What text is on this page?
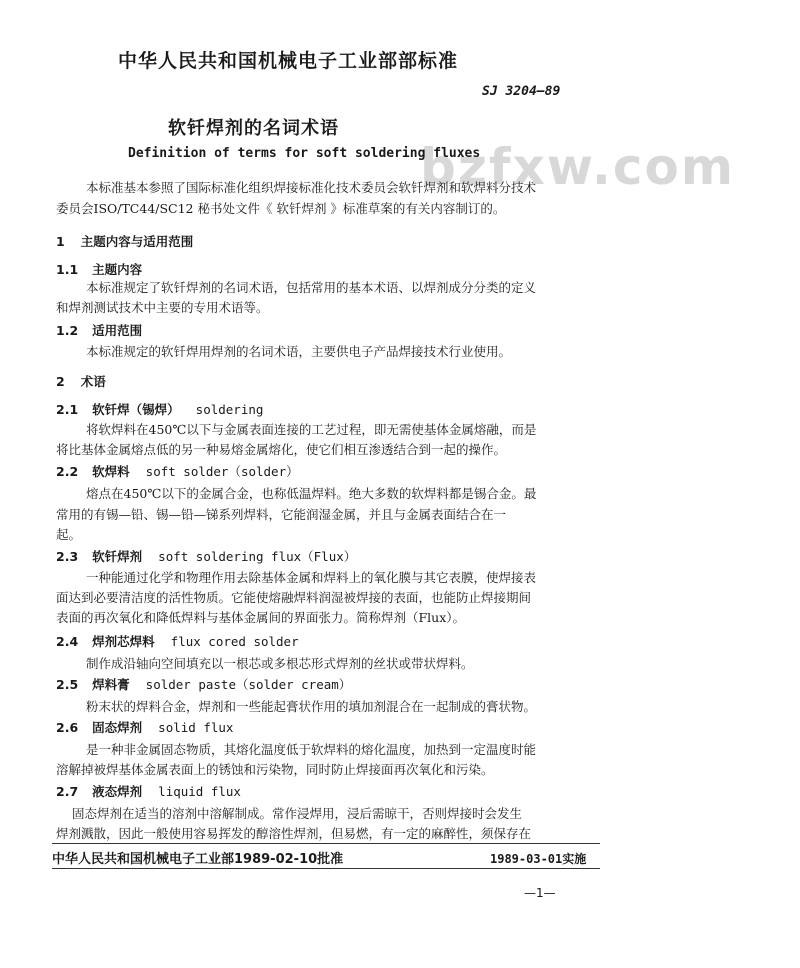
中华人民共和国机械电子工业部部标准
SJ 3204—89
软钎焊剂的名词术语
bzfxw.com
Definition of terms for soft soldering fluxes
本标准基本参照了国际标准化组织焊接标准化技术委员会软钎焊剂和软焊料分技术
委员会ISO/TC44/SC12 秘书处文件《 软钎焊剂 》标准草案的有关内容制订的。
1 主题内容与适用范围
1.1 主题内容
本标准规定了软钎焊剂的名词术语，包括常用的基本术语、以焊剂成分分类的定义
和焊剂测试技术中主要的专用术语等。
1.2 适用范围
本标准规定的软钎焊用焊剂的名词术语，主要供电子产品焊接技术行业使用。
2 术语
2.1 软钎焊（锡焊） soldering
将软焊料在450℃以下与金属表面连接的工艺过程，即无需使基体金属熔融，而是
将比基体金属熔点低的另一种易熔金属熔化，使它们相互渗透结合到一起的操作。
2.2 软焊料 soft solder（solder）
熔点在450℃以下的金属合金，也称低温焊料。绝大多数的软焊料都是锡合金。最
常用的有锡—铅、锡—铅—锑系列焊料，它能润湿金属，并且与金属表面结合在一
起。
2.3 软钎焊剂 soft soldering flux（Flux）
一种能通过化学和物理作用去除基体金属和焊料上的氧化膜与其它表膜，使焊接表
面达到必要清洁度的活性物质。它能使熔融焊料润湿被焊接的表面，也能防止焊接期间
表面的再次氧化和降低焊料与基体金属间的界面张力。简称焊剂（Flux）。
2.4 焊剂芯焊料 flux cored solder
制作成沿轴向空间填充以一根芯或多根芯形式焊剂的丝状或带状焊料。
2.5 焊料膏 solder paste（solder cream）
粉末状的焊料合金，焊剂和一些能起膏状作用的填加剂混合在一起制成的膏状物。
2.6 固态焊剂 solid flux
是一种非金属固态物质，其熔化温度低于软焊料的熔化温度，加热到一定温度时能
溶解掉被焊基体金属表面上的锈蚀和污染物，同时防止焊接面再次氧化和污染。
2.7 液态焊剂 liquid flux
固态焊剂在适当的溶剂中溶解制成。常作浸焊用，浸后需晾干，否则焊接时会发生
焊剂溅散，因此一般使用容易挥发的醇溶性焊剂，但易燃，有一定的麻醉性，须保存在
中华人民共和国机械电子工业部1989-02-10批准	1989-03-01实施
—1—
